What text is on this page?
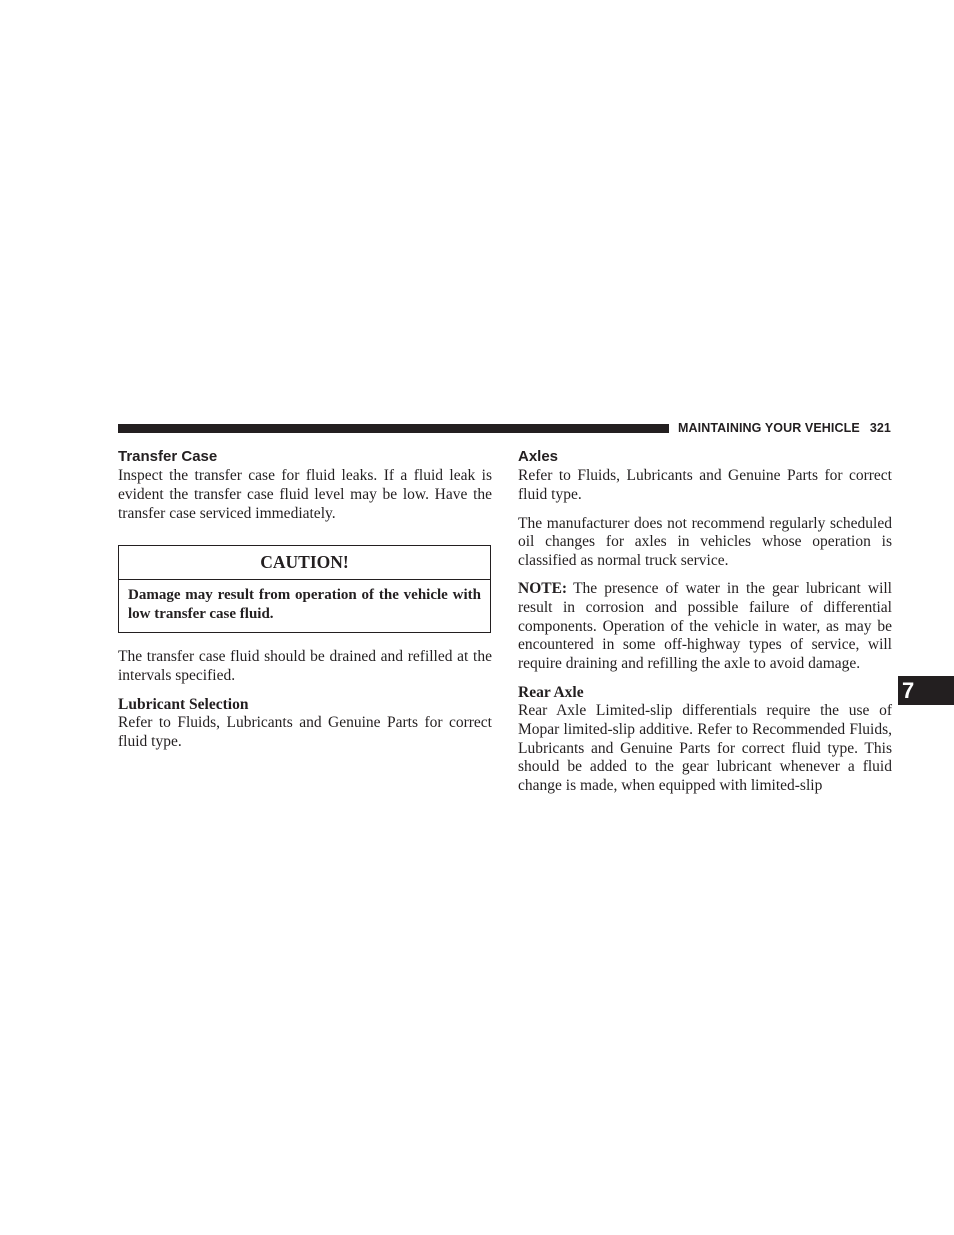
MAINTAINING YOUR VEHICLE 321
Transfer Case

Inspect the transfer case for fluid leaks. If a fluid leak is evident the transfer case fluid level may be low. Have the transfer case serviced immediately.

CAUTION!
Damage may result from operation of the vehicle with low transfer case fluid.

The transfer case fluid should be drained and refilled at the intervals specified.

Lubricant Selection

Refer to Fluids, Lubricants and Genuine Parts for correct fluid type.

Axles

Refer to Fluids, Lubricants and Genuine Parts for correct fluid type.

The manufacturer does not recommend regularly scheduled oil changes for axles in vehicles whose operation is classified as normal truck service.

NOTE: The presence of water in the gear lubricant will result in corrosion and possible failure of differential components. Operation of the vehicle in water, as may be encountered in some off-highway types of service, will require draining and refilling the axle to avoid damage.

Rear Axle

Rear Axle Limited-slip differentials require the use of Mopar limited-slip additive. Refer to Recommended Fluids, Lubricants and Genuine Parts for correct fluid type. This should be added to the gear lubricant whenever a fluid change is made, when equipped with limited-slip

7
